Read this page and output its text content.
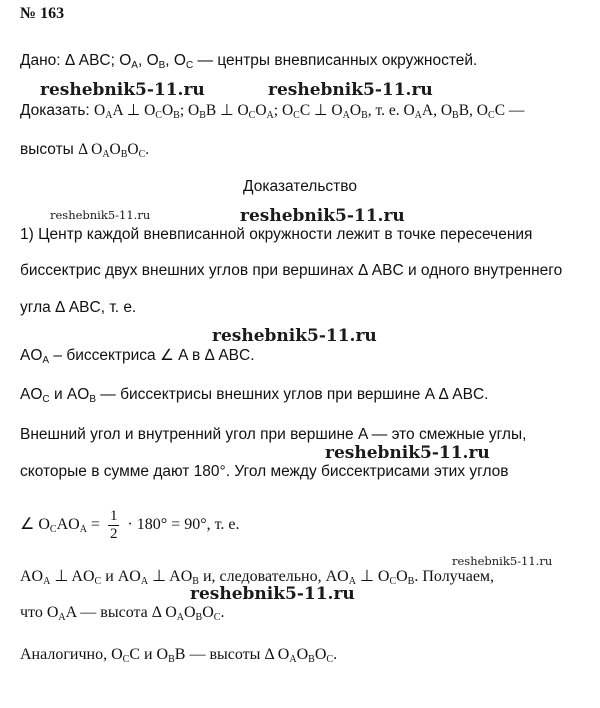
№ 163
Дано: Δ ABC; $O_A$, $O_B$, $O_C$ — центры вневписанных окружностей.
reshebnik5-11.ru	reshebnik5-11.ru
Доказать: $O_AA$ ⊥ $O_CO_B$; $O_BB$ ⊥ $O_CO_A$; $O_CC$ ⊥ $O_AO_B$, т. е. $O_AA$, $O_BB$, $O_CC$ —
высоты Δ $O_AO_BO_C$.
Доказательство
reshebnik5-11.ru	reshebnik5-11.ru
1) Центр каждой вневписанной окружности лежит в точке пересечения
биссектрис двух внешних углов при вершинах Δ ABC и одного внутреннего
угла Δ ABC, т. е.
reshebnik5-11.ru
$AO_A$ – биссектриса ∠ A в Δ ABC.
$AO_C$ и $AO_B$ — биссектрисы внешних углов при вершине A Δ ABC.
Внешний угол и внутренний угол при вершине A — это смежные углы,
reshebnik5-11.ru
скоторые в сумме дают 180°. Угол между биссектрисами этих углов
∠ $O_CAO_A = \frac{1}{2} \cdot 180^\circ = 90^\circ$, т. е.
reshebnik5-11.ru
$AO_A$ ⊥ $AO_C$ и $AO_A$ ⊥ $AO_B$ и, следовательно, $AO_A$ ⊥ $O_CO_B$. Получаем,
reshebnik5-11.ru
что $O_AA$ — высота Δ $O_AO_BO_C$.
Аналогично, $O_CC$ и $O_BB$ — высоты Δ $O_AO_BO_C$.
